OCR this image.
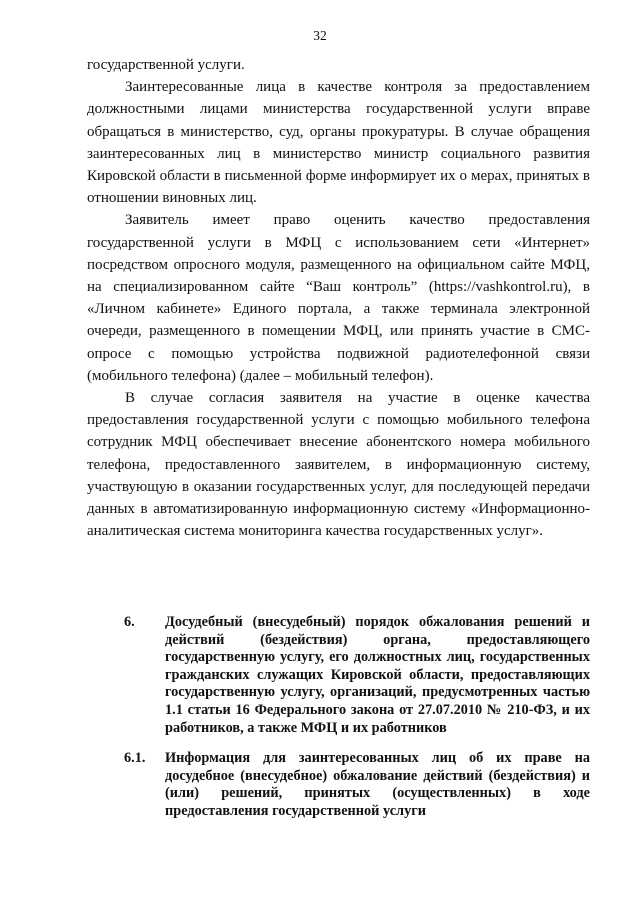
32

государственной услуги.

Заинтересованные лица в качестве контроля за предоставлением должностными лицами министерства государственной услуги вправе обращаться в министерство, суд, органы прокуратуры. В случае обращения заинтересованных лиц в министерство министр социального развития Кировской области в письменной форме информирует их о мерах, принятых в отношении виновных лиц.

Заявитель имеет право оценить качество предоставления государственной услуги в МФЦ с использованием сети «Интернет» посредством опросного модуля, размещенного на официальном сайте МФЦ, на специализированном сайте “Ваш контроль” (https://vashkontrol.ru), в «Личном кабинете» Единого портала, а также терминала электронной очереди, размещенного в помещении МФЦ, или принять участие в СМС-опросе с помощью устройства подвижной радиотелефонной связи (мобильного телефона) (далее – мобильный телефон).

В случае согласия заявителя на участие в оценке качества предоставления государственной услуги с помощью мобильного телефона сотрудник МФЦ обеспечивает внесение абонентского номера мобильного телефона, предоставленного заявителем, в информационную систему, участвующую в оказании государственных услуг, для последующей передачи данных в автоматизированную информационную систему «Информационно-аналитическая система мониторинга качества государственных услуг».

6.	Досудебный (внесудебный) порядок обжалования решений и действий (бездействия) органа, предоставляющего государственную услугу, его должностных лиц, государственных гражданских служащих Кировской области, предоставляющих государственную услугу, организаций, предусмотренных частью 1.1 статьи 16 Федерального закона от 27.07.2010 № 210-ФЗ, и их работников, а также МФЦ и их работников
6.1.	Информация для заинтересованных лиц об их праве на досудебное (внесудебное) обжалование действий (бездействия) и (или) решений, принятых (осуществленных) в ходе предоставления государственной услуги
